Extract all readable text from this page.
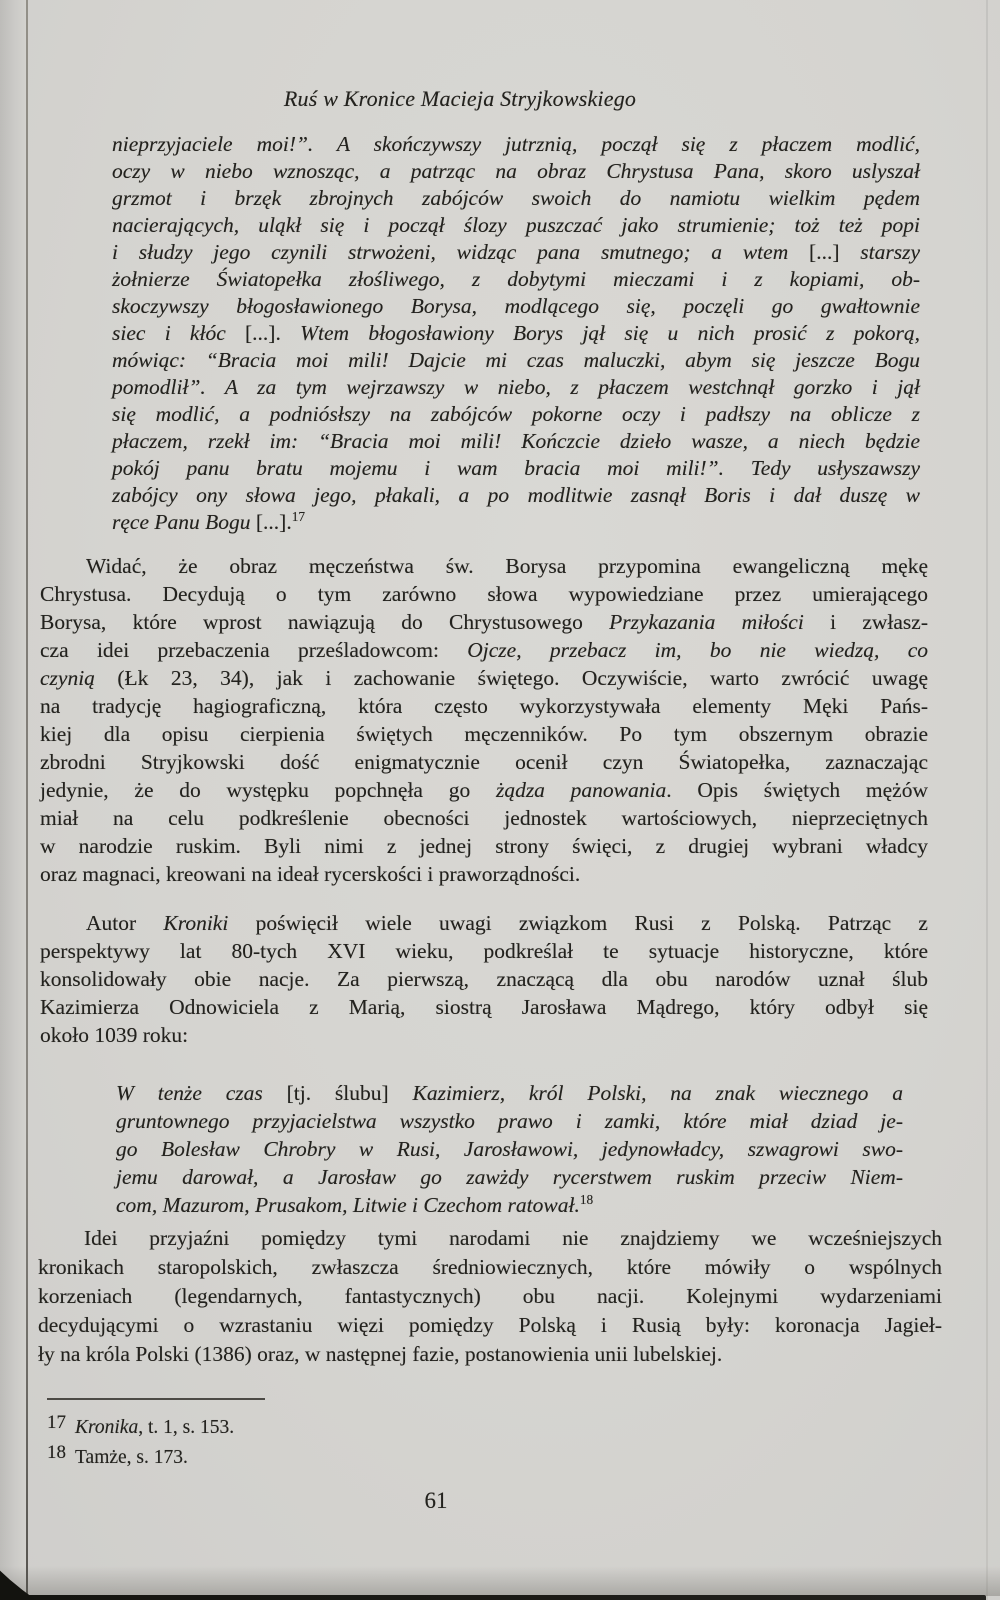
Ruś w Kronice Macieja Stryjkowskiego
nieprzyjaciele moi!”. A skończywszy jutrznią, począł się z płaczem modlić,
oczy w niebo wznosząc, a patrząc na obraz Chrystusa Pana, skoro uslyszał
grzmot i brzęk zbrojnych zabójców swoich do namiotu wielkim pędem
nacierających, uląkł się i począł ślozy puszczać jako strumienie; toż też popi
i słudzy jego czynili strwożeni, widząc pana smutnego; a wtem [...] starszy
żołnierze Światopełka złośliwego, z dobytymi mieczami i z kopiami, ob-
skoczywszy błogosławionego Borysa, modlącego się, poczęli go gwałtownie
siec i kłóc [...]. Wtem błogosławiony Borys jął się u nich prosić z pokorą,
mówiąc: “Bracia moi mili! Dajcie mi czas maluczki, abym się jeszcze Bogu
pomodlił”. A za tym wejrzawszy w niebo, z płaczem westchnął gorzko i jął
się modlić, a podniósłszy na zabójców pokorne oczy i padłszy na oblicze z
płaczem, rzekł im: “Bracia moi mili! Kończcie dzieło wasze, a niech będzie
pokój panu bratu mojemu i wam bracia moi mili!”. Tedy usłyszawszy
zabójcy ony słowa jego, płakali, a po modlitwie zasnął Boris i dał duszę w
ręce Panu Bogu [...].$^{17}$
Widać, że obraz męczeństwa św. Borysa przypomina ewangeliczną mękę
Chrystusa. Decydują o tym zarówno słowa wypowiedziane przez umierającego
Borysa, które wprost nawiązują do Chrystusowego Przykazania miłości i zwłasz-
cza idei przebaczenia prześladowcom: Ojcze, przebacz im, bo nie wiedzą, co
czynią (Łk 23, 34), jak i zachowanie świętego. Oczywiście, warto zwrócić uwagę
na tradycję hagiograficzną, która często wykorzystywała elementy Męki Pańs-
kiej dla opisu cierpienia świętych męczenników. Po tym obszernym obrazie
zbrodni Stryjkowski dość enigmatycznie ocenił czyn Światopełka, zaznaczając
jedynie, że do występku popchnęła go żądza panowania. Opis świętych mężów
miał na celu podkreślenie obecności jednostek wartościowych, nieprzeciętnych
w narodzie ruskim. Byli nimi z jednej strony święci, z drugiej wybrani władcy
oraz magnaci, kreowani na ideał rycerskości i praworządności.
Autor Kroniki poświęcił wiele uwagi związkom Rusi z Polską. Patrząc z
perspektywy lat 80-tych XVI wieku, podkreślał te sytuacje historyczne, które
konsolidowały obie nacje. Za pierwszą, znaczącą dla obu narodów uznał ślub
Kazimierza Odnowiciela z Marią, siostrą Jarosława Mądrego, który odbył się
około 1039 roku:
W tenże czas [tj. ślubu] Kazimierz, król Polski, na znak wiecznego a
gruntownego przyjacielstwa wszystko prawo i zamki, które miał dziad je-
go Bolesław Chrobry w Rusi, Jarosławowi, jedynowładcy, szwagrowi swo-
jemu darował, a Jarosław go zawżdy rycerstwem ruskim przeciw Niem-
com, Mazurom, Prusakom, Litwie i Czechom ratował.$^{18}$
Idei przyjaźni pomiędzy tymi narodami nie znajdziemy we wcześniejszych
kronikach staropolskich, zwłaszcza średniowiecznych, które mówiły o wspólnych
korzeniach (legendarnych, fantastycznych) obu nacji. Kolejnymi wydarzeniami
decydującymi o wzrastaniu więzi pomiędzy Polską i Rusią były: koronacja Jagieł-
ły na króla Polski (1386) oraz, w następnej fazie, postanowienia unii lubelskiej.
17 Kronika, t. 1, s. 153.
18 Tamże, s. 173.
61
